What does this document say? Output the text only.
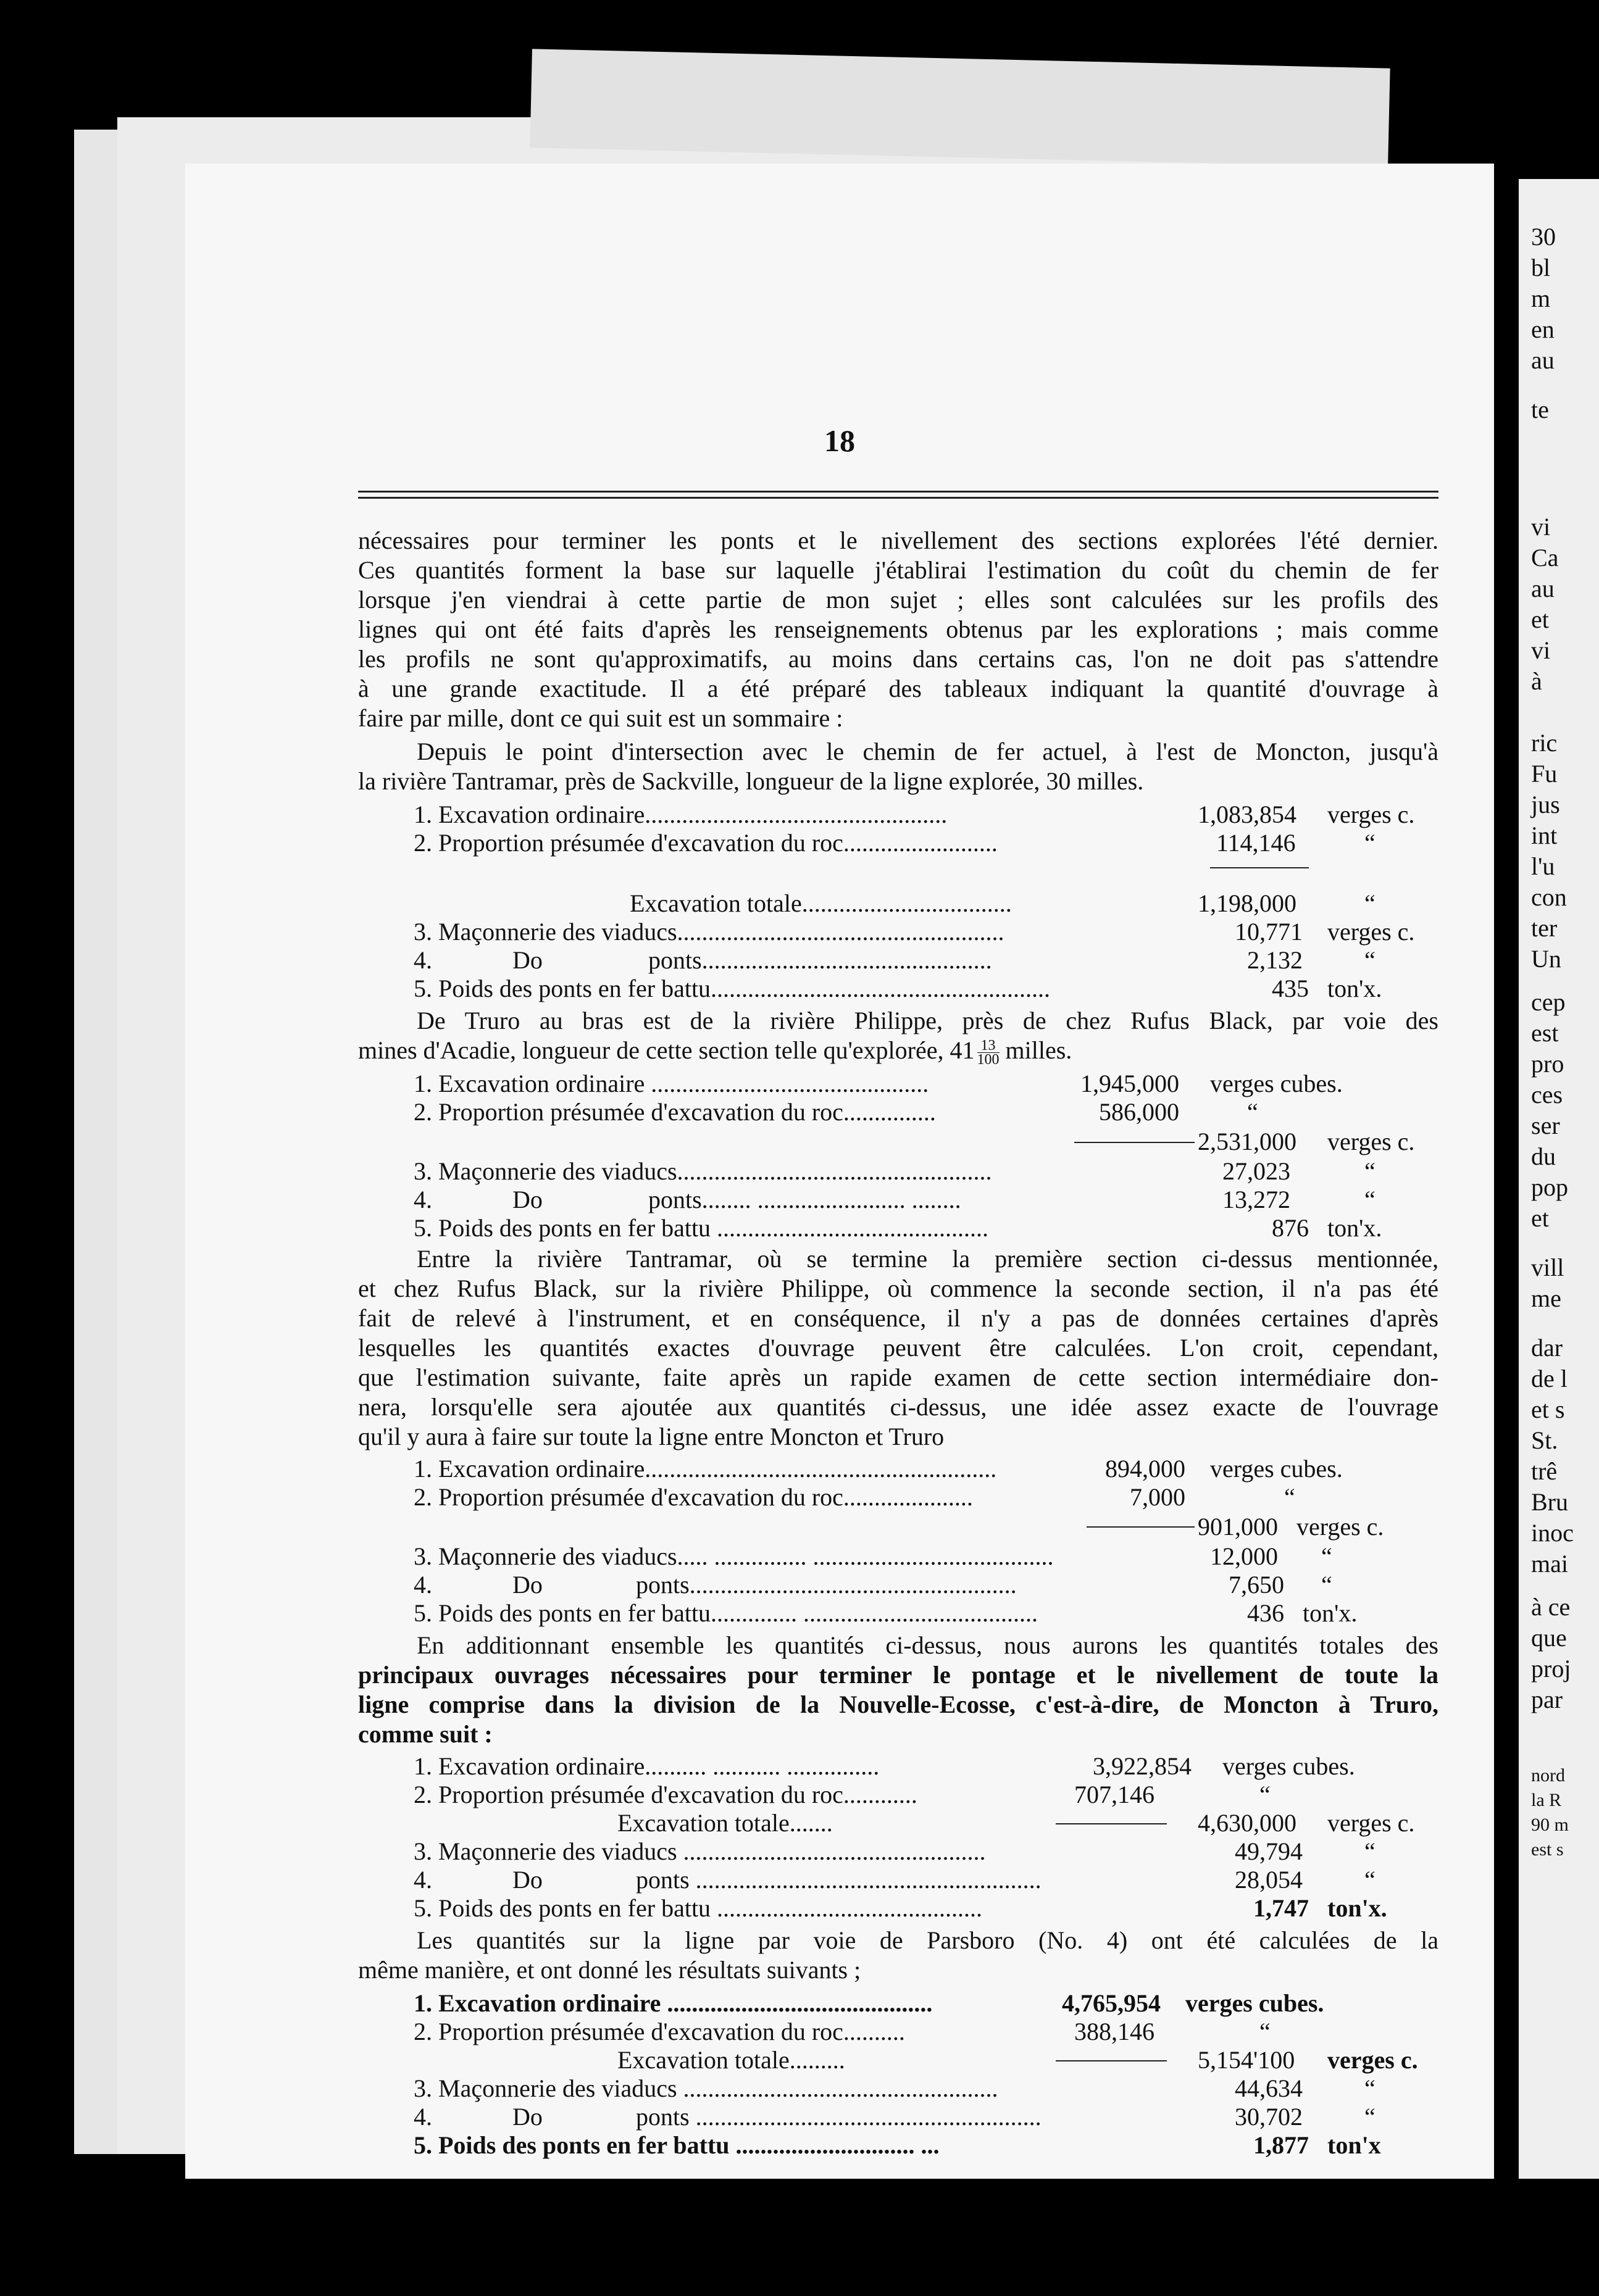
30
bl
m
en
au
te
vi
Ca
au
et
vi
à
ric
Fu
jus
int
l'u
con
ter
Un
cep
est
pro
ces
ser
du
pop
et
vill
me
dar
de l
et s
St.
trê
Bru
inoc
mai
à ce
que
proj
par
nord
la R
90 m
est s
18
nécessaires pour terminer les ponts et le nivellement des sections explorées l'été dernier.
Ces quantités forment la base sur laquelle j'établirai l'estimation du coût du chemin de fer
lorsque j'en viendrai à cette partie de mon sujet ; elles sont calculées sur les profils des
lignes qui ont été faits d'après les renseignements obtenus par les explorations ; mais comme
les profils ne sont qu'approximatifs, au moins dans certains cas, l'on ne doit pas s'attendre
à une grande exactitude. Il a été préparé des tableaux indiquant la quantité d'ouvrage à
faire par mille, dont ce qui suit est un sommaire :
Depuis le point d'intersection avec le chemin de fer actuel, à l'est de Moncton, jusqu'à
la rivière Tantramar, près de Sackville, longueur de la ligne explorée, 30 milles.
1. Excavation ordinaire.................................................	1,083,854 verges c.
2. Proportion présumée d'excavation du roc.........................	114,146	“
Excavation totale..................................	1,198,000	“
3. Maçonnerie des viaducs.....................................................	10,771 verges c.
4.	Do	ponts...............................................	2,132	“
5. Poids des ponts en fer battu.......................................................	435 ton'x.
De Truro au bras est de la rivière Philippe, près de chez Rufus Black, par voie des
mines d'Acadie, longueur de cette section telle qu'explorée, $41 \frac{13}{100}$ milles.
1. Excavation ordinaire .............................................	1,945,000 verges cubes.
2. Proportion présumée d'excavation du roc...............	586,000	“
2,531,000 verges c.
3. Maçonnerie des viaducs...................................................	27,023	“
4.	Do	ponts........ ........................ ........	13,272	“
5. Poids des ponts en fer battu ............................................	876 ton'x.
Entre la rivière Tantramar, où se termine la première section ci-dessus mentionnée,
et chez Rufus Black, sur la rivière Philippe, où commence la seconde section, il n'a pas été
fait de relevé à l'instrument, et en conséquence, il n'y a pas de données certaines d'après
lesquelles les quantités exactes d'ouvrage peuvent être calculées. L'on croit, cependant,
que l'estimation suivante, faite après un rapide examen de cette section intermédiaire don-
nera, lorsqu'elle sera ajoutée aux quantités ci-dessus, une idée assez exacte de l'ouvrage
qu'il y aura à faire sur toute la ligne entre Moncton et Truro
1. Excavation ordinaire.........................................................	894,000 verges cubes.
2. Proportion présumée d'excavation du roc.....................	7,000	“
901,000 verges c.
3. Maçonnerie des viaducs..... ............... .......................................	12,000 “
4.	Do	ponts.....................................................	7,650 “
5. Poids des ponts en fer battu.............. ......................................	436 ton'x.
En additionnant ensemble les quantités ci-dessus, nous aurons les quantités totales des
principaux ouvrages nécessaires pour terminer le pontage et le nivellement de toute la
ligne comprise dans la division de la Nouvelle-Ecosse, c'est-à-dire, de Moncton à Truro,
comme suit :
1. Excavation ordinaire.......... ........... ...............	3,922,854 verges cubes.
2. Proportion présumée d'excavation du roc............	707,146	“
Excavation totale.......	4,630,000 verges c.
3. Maçonnerie des viaducs .................................................	49,794	“
4.	Do	ponts ........................................................	28,054	“
5. Poids des ponts en fer battu ...........................................	1,747 ton'x.
Les quantités sur la ligne par voie de Parsboro (No. 4) ont été calculées de la
même manière, et ont donné les résultats suivants ;
1. Excavation ordinaire ...........................................	4,765,954 verges cubes.
2. Proportion présumée d'excavation du roc..........	388,146	“
Excavation totale.........	5,154'100 verges c.
3. Maçonnerie des viaducs ...................................................	44,634	“
4.	Do	ponts ........................................................	30,702	“
5. Poids des ponts en fer battu ............................. ...	1,877 ton'x
